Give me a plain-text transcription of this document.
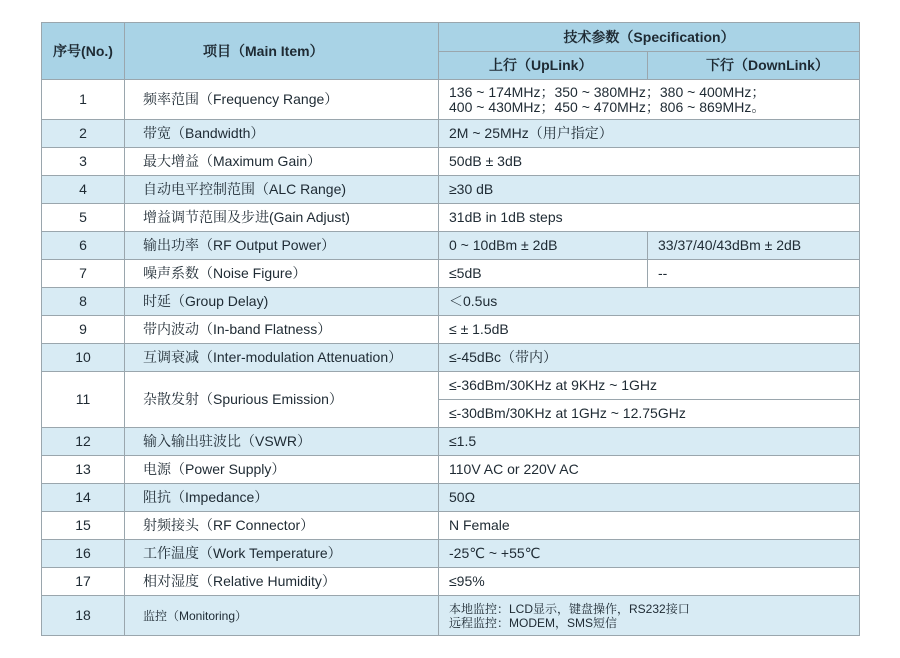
序号(No.)	项目（Main Item）	技术参数（Specification）	
		上行（UpLink）	下行（DownLink）
1	频率范围（Frequency Range）	136 ~ 174MHz；350 ~ 380MHz；380 ~ 400MHz；
400 ~ 430MHz；450 ~ 470MHz；806 ~ 869MHz。	

2	带宽（Bandwidth）	2M ~ 25MHz（用户指定）	
3	最大增益（Maximum Gain）	50dB ± 3dB	
4	自动电平控制范围（ALC Range)	≥30 dB	
5	增益调节范围及步进(Gain Adjust)	31dB in 1dB steps	
6	输出功率（RF Output Power）	0 ~ 10dBm ± 2dB	33/37/40/43dBm ± 2dB
7	噪声系数（Noise Figure）	≤5dB	--
8	时延（Group Delay)	＜0.5us	
9	带内波动（In-band Flatness）	≤ ± 1.5dB	
10	互调衰减（Inter-modulation Attenuation）	≤-45dBc（带内）	
11	杂散发射（Spurious Emission）	≤-36dBm/30KHz at 9KHz ~ 1GHz	
		≤-30dBm/30KHz at 1GHz ~ 12.75GHz	
12	输入输出驻波比（VSWR）	≤1.5	
13	电源（Power Supply）	110V AC or 220V AC	
14	阻抗（Impedance）	50Ω	
15	射频接头（RF Connector）	N Female	
16	工作温度（Work Temperature）	-25℃ ~ +55℃	
17	相对湿度（Relative Humidity）	≤95%	
18	监控（Monitoring）	本地监控：LCD显示，键盘操作，RS232接口
远程监控：MODEM，SMS短信	
